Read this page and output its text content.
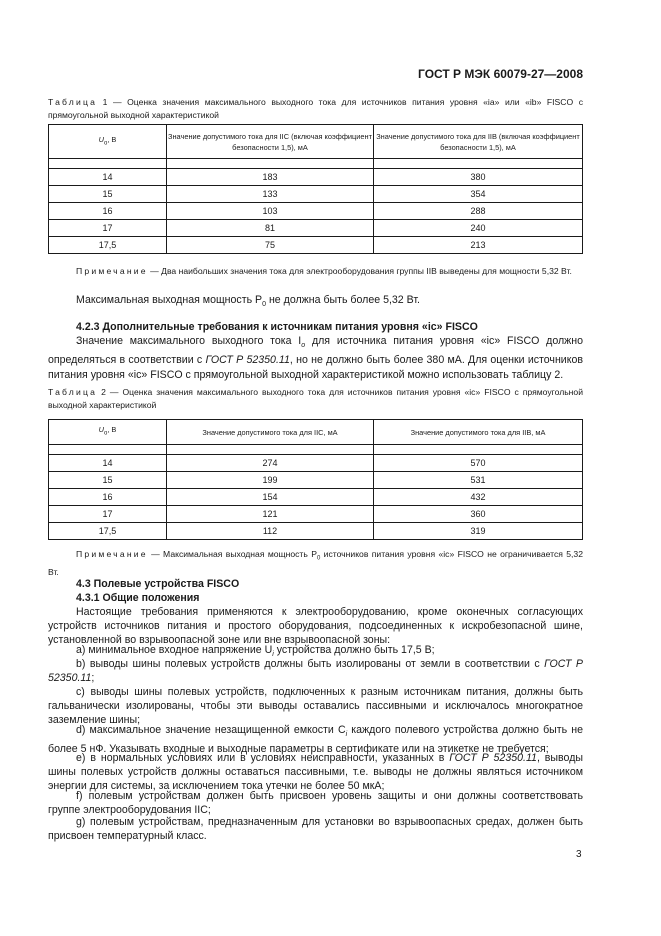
ГОСТ Р МЭК 60079-27—2008
Таблица 1 — Оценка значения максимального выходного тока для источников питания уровня «ia» или «ib» FISCO с прямоугольной выходной характеристикой
$U_o$, В	Значение допустимого тока для IIC (включая коэффициент безопасности 1,5), мА	Значение допустимого тока для IIB (включая коэффициент безопасности 1,5), мА

14	183	380
15	133	354
16	103	288
17	81	240
17,5	75	213
Примечание — Два наибольших значения тока для электрооборудования группы IIB выведены для мощности 5,32 Вт.
Максимальная выходная мощность $P_0$ не должна быть более 5,32 Вт.
4.2.3 Дополнительные требования к источникам питания уровня «ic» FISCO
Значение максимального выходного тока $I_o$ для источника питания уровня «ic» FISCO должно определяться в соответствии с ГОСТ Р 52350.11, но не должно быть более 380 мА. Для оценки источников питания уровня «ic» FISCO с прямоугольной выходной характеристикой можно использовать таблицу 2.
Таблица 2 — Оценка значения максимального выходного тока для источников питания уровня «ic» FISCO с прямоугольной выходной характеристикой
$U_o$, В	Значение допустимого тока для IIC, мА	Значение допустимого тока для IIB, мА

14	274	570
15	199	531
16	154	432
17	121	360
17,5	112	319
Примечание — Максимальная выходная мощность $P_0$ источников питания уровня «ic» FISCO не ограничивается 5,32 Вт.
4.3 Полевые устройства FISCO
4.3.1 Общие положения
Настоящие требования применяются к электрооборудованию, кроме оконечных согласующих устройств источников питания и простого оборудования, подсоединенных к искробезопасной шине, установленной во взрывоопасной зоне или вне взрывоопасной зоны:
a) минимальное входное напряжение $U_i$ устройства должно быть 17,5 В;
b) выводы шины полевых устройств должны быть изолированы от земли в соответствии с ГОСТ Р 52350.11;
c) выводы шины полевых устройств, подключенных к разным источникам питания, должны быть гальванически изолированы, чтобы эти выводы оставались пассивными и исключалось многократное заземление шины;
d) максимальное значение незащищенной емкости $C_i$ каждого полевого устройства должно быть не более 5 нФ. Указывать входные и выходные параметры в сертификате или на этикетке не требуется;
e) в нормальных условиях или в условиях неисправности, указанных в ГОСТ Р 52350.11, выводы шины полевых устройств должны оставаться пассивными, т.е. выводы не должны являться источником энергии для системы, за исключением тока утечки не более 50 мкА;
f) полевым устройствам должен быть присвоен уровень защиты и они должны соответствовать группе электрооборудования IIC;
g) полевым устройствам, предназначенным для установки во взрывоопасных средах, должен быть присвоен температурный класс.
3
